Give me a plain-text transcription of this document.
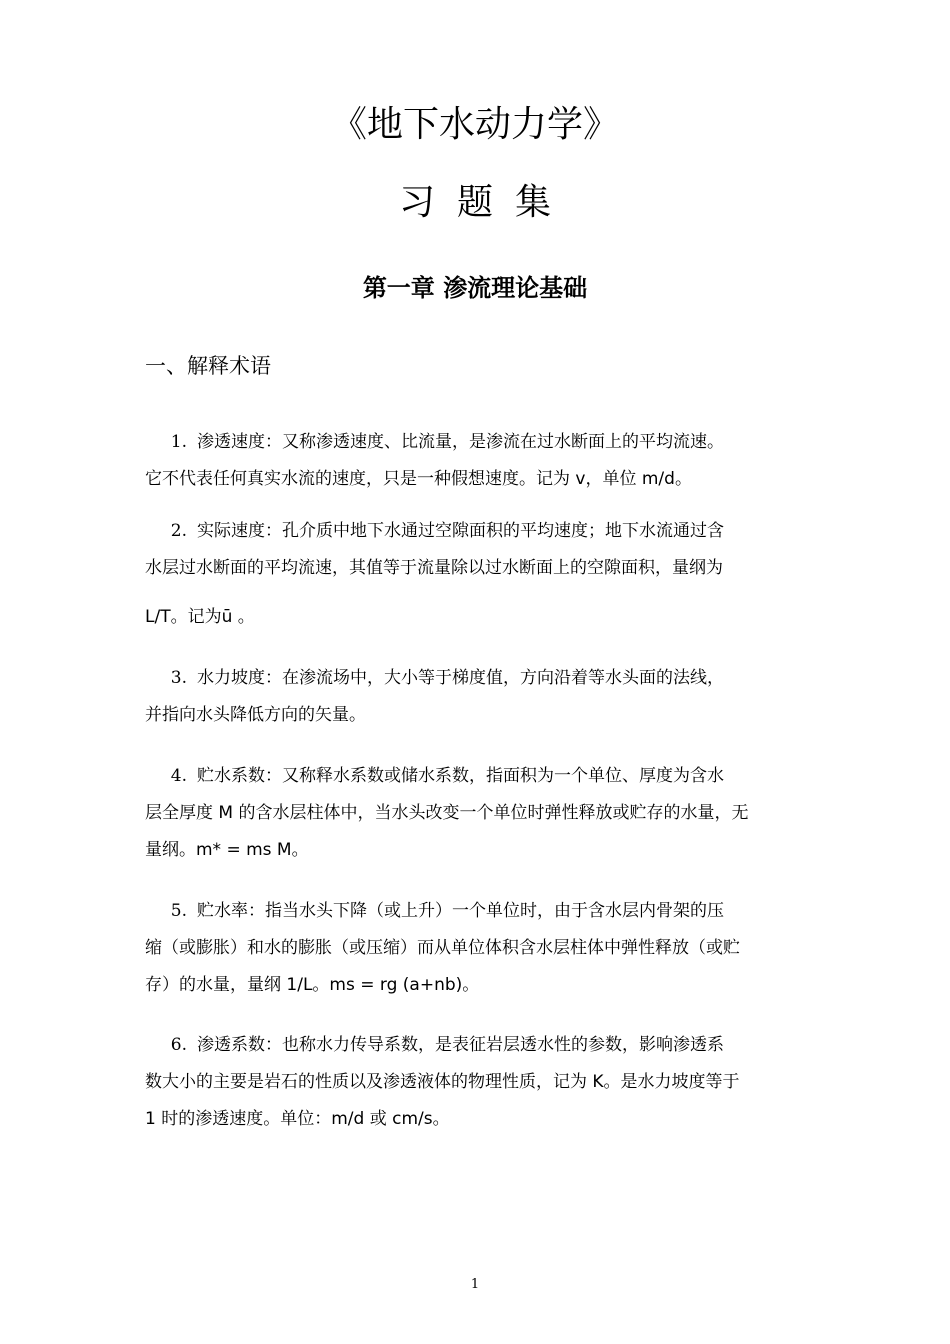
《地下水动力学》
习题集
第一章 渗流理论基础
一、解释术语
1. 渗透速度：又称渗透速度、比流量，是渗流在过水断面上的平均流速。
它不代表任何真实水流的速度，只是一种假想速度。记为 v，单位 m/d。
2. 实际速度：孔介质中地下水通过空隙面积的平均速度；地下水流通过含
水层过水断面的平均流速，其值等于流量除以过水断面上的空隙面积，量纲为
L/T。记为ū 。
3. 水力坡度：在渗流场中，大小等于梯度值，方向沿着等水头面的法线，
并指向水头降低方向的矢量。
4. 贮水系数：又称释水系数或储水系数，指面积为一个单位、厚度为含水
层全厚度 M 的含水层柱体中，当水头改变一个单位时弹性释放或贮存的水量，无
量纲。m* = ms M。
5. 贮水率：指当水头下降（或上升）一个单位时，由于含水层内骨架的压
缩（或膨胀）和水的膨胀（或压缩）而从单位体积含水层柱体中弹性释放（或贮
存）的水量，量纲 1/L。ms = rg (a+nb)。
6. 渗透系数：也称水力传导系数，是表征岩层透水性的参数，影响渗透系
数大小的主要是岩石的性质以及渗透液体的物理性质，记为 K。是水力坡度等于
1 时的渗透速度。单位：m/d 或 cm/s。
1
